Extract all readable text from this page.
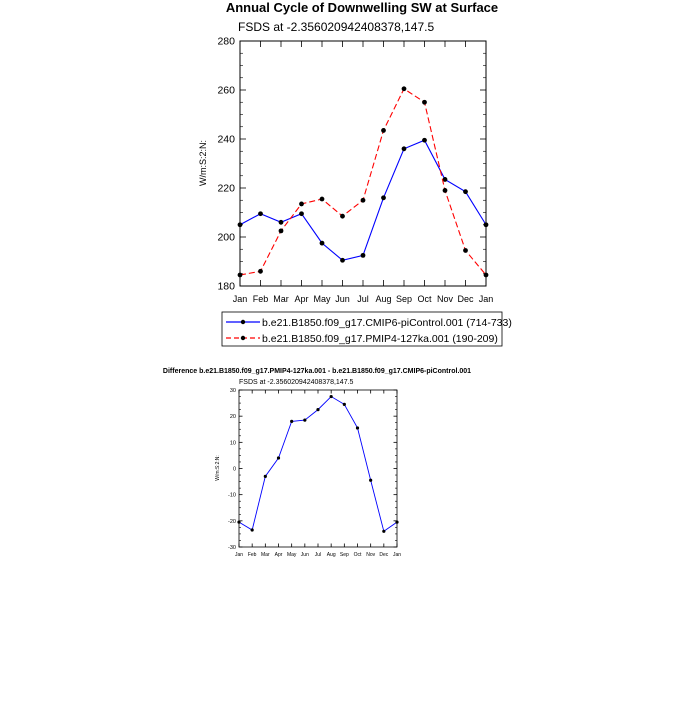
Annual Cycle of Downwelling SW at Surface
FSDS at -2.356020942408378,147.5
W/m:S:2:N:
180
200
220
240
260
280
Jan Feb Mar Apr May Jun Jul Aug Sep Oct Nov Dec Jan
b.e21.B1850.f09_g17.CMIP6-piControl.001 (714-733)
b.e21.B1850.f09_g17.PMIP4-127ka.001 (190-209)
Difference b.e21.B1850.f09_g17.PMIP4-127ka.001 - b.e21.B1850.f09_g17.CMIP6-piControl.001
FSDS at -2.356020942408378,147.5
W/m:S:2:N:
-30
-20
-10
0
10
20
30
Jan Feb Mar Apr May Jun Jul Aug Sep Oct Nov Dec Jan
